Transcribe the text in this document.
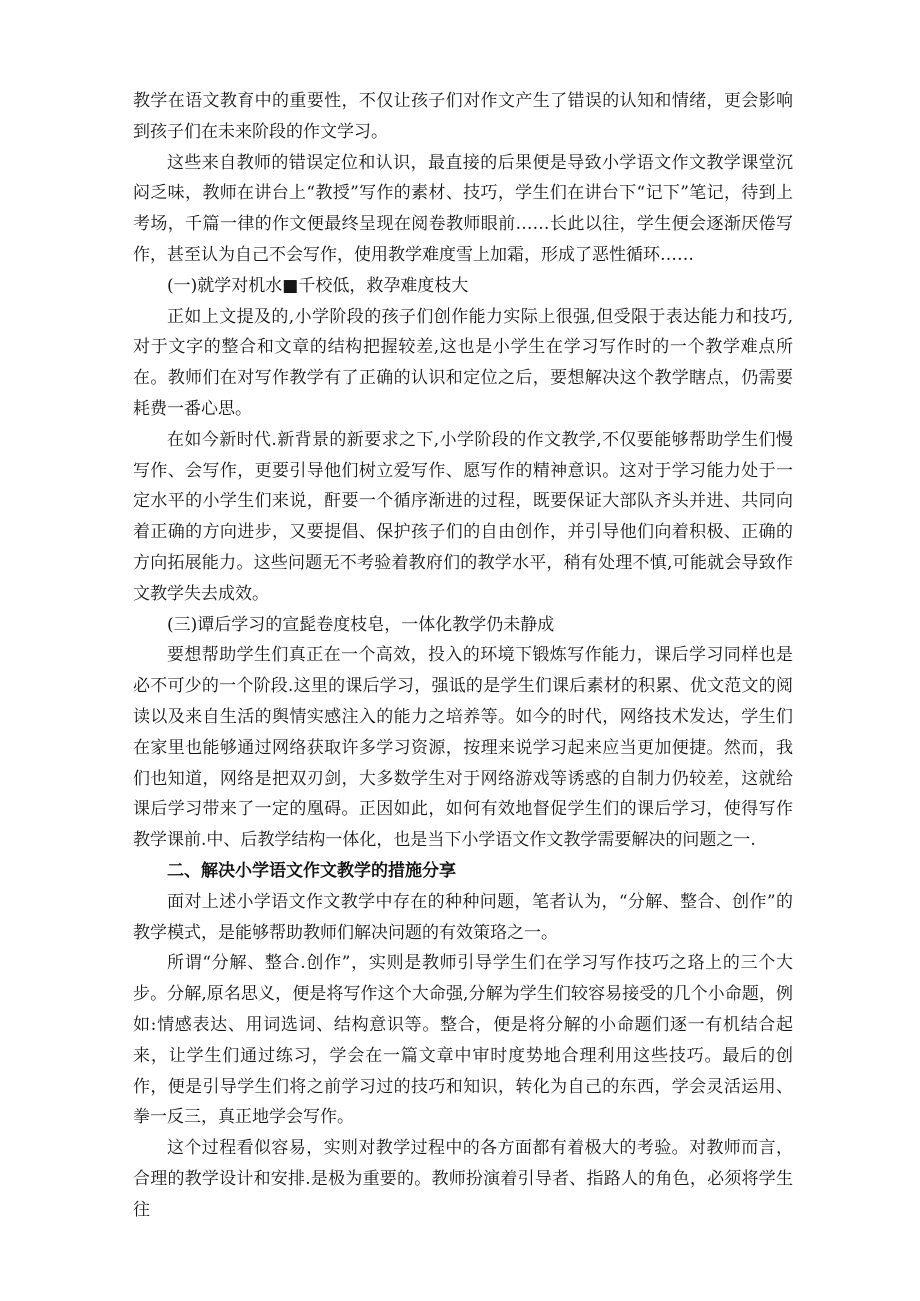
教学在语文教育中的重要性，不仅让孩子们对作文产生了错误的认知和情绪，更会影响到孩子们在未来阶段的作文学习。

这些来自教师的错误定位和认识，最直接的后果便是导致小学语文作文教学课堂沉闷乏味，教师在讲台上“教授”写作的素材、技巧，学生们在讲台下“记下”笔记，待到上考场，千篇一律的作文便最终呈现在阅卷教师眼前……长此以往，学生便会逐渐厌倦写作，甚至认为自己不会写作，使用教学难度雪上加霜，形成了恶性循环……

(一)就学对机水■千校低，救孕难度枝大

正如上文提及的,小学阶段的孩子们创作能力实际上很强,但受限于表达能力和技巧,对于文字的整合和文章的结构把握较差,这也是小学生在学习写作时的一个教学难点所在。教师们在对写作教学有了正确的认识和定位之后，要想解决这个教学瞎点，仍需要耗费一番心思。

在如今新时代.新背景的新要求之下,小学阶段的作文教学,不仅要能够帮助学生们慢写作、会写作，更要引导他们树立爱写作、愿写作的精神意识。这对于学习能力处于一定水平的小学生们来说，酐要一个循序渐进的过程，既要保证大部队齐头并进、共同向着正确的方向进步，又要提倡、保护孩子们的自由创作，并引导他们向着积极、正确的方向拓展能力。这些问题无不考验着教府们的教学水平，稍有处理不慎,可能就会导致作文教学失去成效。

(三)谭后学习的宣髭卷度枝皂，一体化教学仍未静成

要想帮助学生们真正在一个高效，投入的环境下锻炼写作能力，课后学习同样也是必不可少的一个阶段.这里的课后学习，强诋的是学生们课后素材的积累、优文范文的阅读以及来自生活的舆情实感注入的能力之培养等。如今的时代，网络技术发达，学生们在家里也能够通过网络获取许多学习资源，按理来说学习起来应当更加便捷。然而，我们也知道，网络是把双刃剑，大多数学生对于网络游戏等诱惑的自制力仍较差，这就给课后学习带来了一定的凰碍。正因如此，如何有效地督促学生们的课后学习，使得写作教学课前.中、后教学结构一体化，也是当下小学语文作文教学需要解决的问题之一.

二、解决小学语文作文教学的措施分享

面对上述小学语文作文教学中存在的种种问题，笔者认为，“分解、整合、创作”的教学模式，是能够帮助教师们解决问题的有效策珞之一。

所谓“分解、整合.创作”，实则是教师引导学生们在学习写作技巧之珞上的三个大步。分解,原名思义，便是将写作这个大命强,分解为学生们较容易接受的几个小命题，例如:情感表达、用词选词、结构意识等。整合，便是将分解的小命题们逐一有机结合起来，让学生们通过练习，学会在一篇文章中审时度势地合理利用这些技巧。最后的创作，便是引导学生们将之前学习过的技巧和知识，转化为自己的东西，学会灵活运用、拳一反三，真正地学会写作。

这个过程看似容易，实则对教学过程中的各方面都有着极大的考验。对教师而言，合理的教学设计和安排.是极为重要的。教师扮演着引导者、指路人的角色，必须将学生往
